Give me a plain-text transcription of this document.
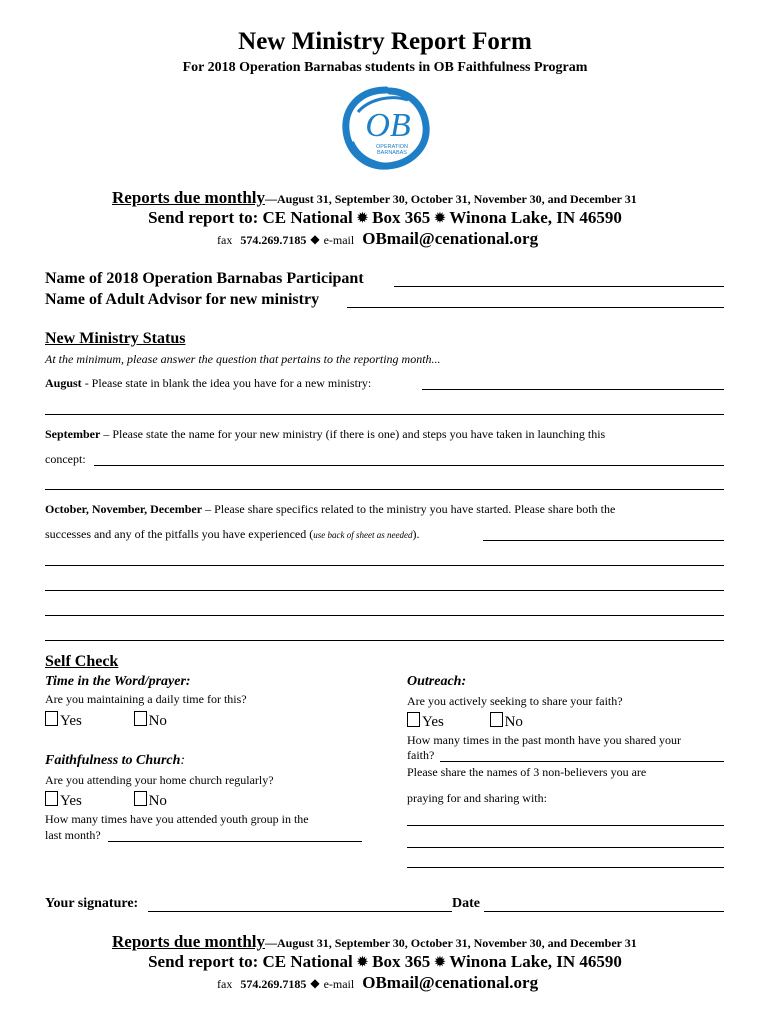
New Ministry Report Form
For 2018 Operation Barnabas students in OB Faithfulness Program
OB
OPERATION
BARNABAS
Reports due monthly—August 31, September 30, October 31, November 30, and December 31
Send report to: CE National ✹ Box 365 ✹ Winona Lake, IN 46590
fax 574.269.7185 ◆ e-mail OBmail@cenational.org
Name of 2018 Operation Barnabas Participant
Name of Adult Advisor for new ministry
New Ministry Status
At the minimum, please answer the question that pertains to the reporting month...
August - Please state in blank the idea you have for a new ministry:
September – Please state the name for your new ministry (if there is one) and steps you have taken in launching this
concept:
October, November, December – Please share specifics related to the ministry you have started. Please share both the
successes and any of the pitfalls you have experienced (use back of sheet as needed).
Self Check
Time in the Word/prayer:
Are you maintaining a daily time for this?
Yes	No
Faithfulness to Church:
Are you attending your home church regularly?
Yes	No
How many times have you attended youth group in the
last month?
Outreach:
Are you actively seeking to share your faith?
Yes	No
How many times in the past month have you shared your
faith?
Please share the names of 3 non-believers you are
praying for and sharing with:
Your signature:	Date
Reports due monthly—August 31, September 30, October 31, November 30, and December 31
Send report to: CE National ✹ Box 365 ✹ Winona Lake, IN 46590
fax 574.269.7185 ◆ e-mail OBmail@cenational.org
